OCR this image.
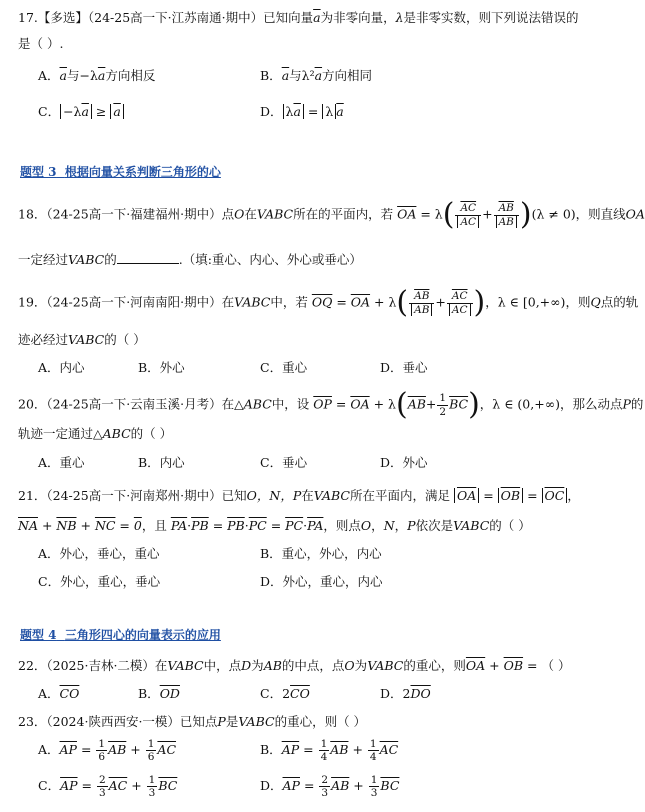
17.【多选】（24-25高一下·江苏南通·期中）已知向量$\overline{a}$为非零向量，λ是非零实数，则下列说法错误的
是（ ）.
A．$\overline{a}$与$-\lambda\overline{a}$方向相反	B．$\overline{a}$与$\lambda^2\overline{a}$方向相同
C． $-\lambda\overline{a} \ge \overline{a}$	D． $\lambda\overline{a} = \lambda$ $\overline{a}$
题型 3 根据向量关系判断三角形的心
18．（24-25高一下·福建福州·期中）点O在VABC所在的平面内，若 $\overline{OA} = \lambda( \frac{\overline{AC}}{AC} + \frac{\overline{AB}}{AB} )(\lambda \ne 0)$，则直线OA
一定经过VABC的	.（填:重心、内心、外心或垂心）
19．（24-25高一下·河南南阳·期中）在VABC中，若 $\overline{OQ} = \overline{OA} + \lambda( \frac{\overline{AB}}{AB} + \frac{\overline{AC}}{AC}$ )，λ ∈ [0,+∞)，则Q点的轨
迹必经过VABC的（ ）
A．内心	B．外心	C．重心	D．垂心
20．（24-25高一下·云南玉溪·月考）在△ABC中，设 $\overline{OP} = \overline{OA} + \lambda(\overline{AB}+ \frac{1}{2} \overline{BC})$，λ ∈ (0,+∞)，那么动点P的
轨迹一定通过△ABC的（ ）
A．重心	B．内心	C．垂心	D．外心
21．（24-25高一下·河南郑州·期中）已知O，N，P在VABC所在平面内，满足 $\overline{OA} = \overline{OB} = \overline{OC}$ ，
$\overline{NA} + \overline{NB} + \overline{NC} = 0$，且 $\overline{PA}\cdot\overline{PB} = \overline{PB}\cdot\overline{PC} = \overline{PC}\cdot\overline{PA}$，则点O，N，P依次是VABC的（ ）
A．外心，垂心，重心	B．重心，外心，内心
C．外心，重心，垂心	D．外心，重心，内心
题型 4 三角形四心的向量表示的应用
22．（2025·吉林·二模）在VABC中，点D为AB的中点，点O为VABC的重心，则$\overline{OA} + \overline{OB}$ = （ ）
A．$\overline{CO}$	B．$\overline{OD}$	C．$2\overline{CO}$	D．$2\overline{DO}$
23．（2024·陕西西安·一模）已知点P是VABC的重心，则（ ）
A．$\overline{AP} = \frac{1}{6} \overline{AB} + \frac{1}{6} \overline{AC}$	B．$\overline{AP} = \frac{1}{4} \overline{AB} + \frac{1}{4} \overline{AC}$
C．$\overline{AP} = \frac{2}{3} \overline{AC} + \frac{1}{3} \overline{BC}$	D．$\overline{AP} = \frac{2}{3} \overline{AB} + \frac{1}{3} \overline{BC}$
